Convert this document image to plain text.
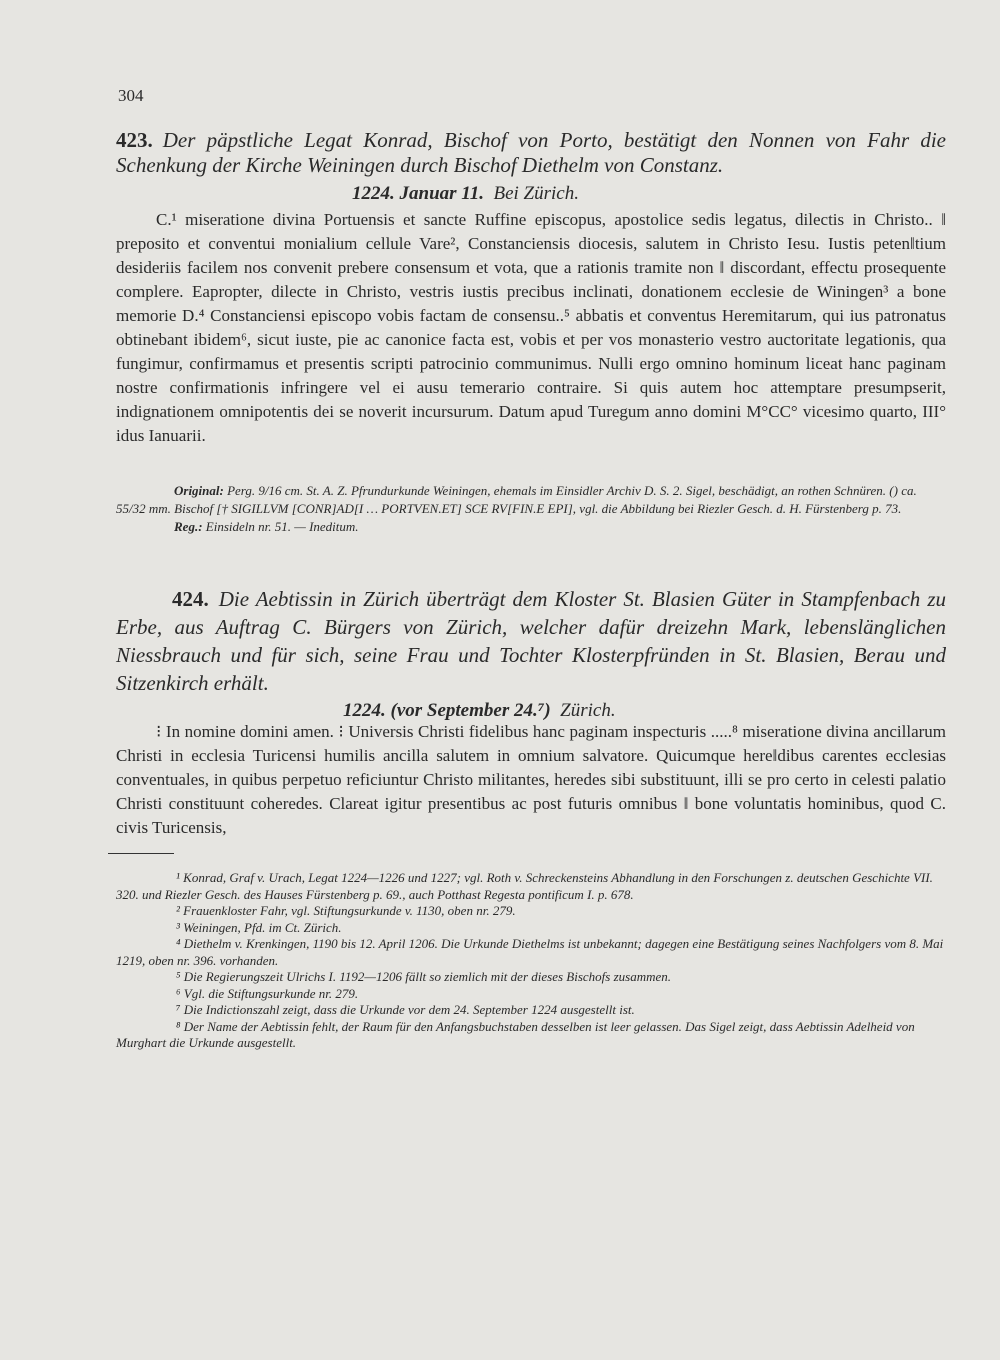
304
423. Der päpstliche Legat Konrad, Bischof von Porto, bestätigt den Nonnen von Fahr die Schenkung der Kirche Weiningen durch Bischof Diethelm von Constanz.
1224. Januar 11. Bei Zürich.

C.¹ miseratione divina Portuensis et sancte Ruffine episcopus, apostolice sedis legatus, dilectis in Christo.. ‖ preposito et conventui monialium cellule Vare², Constanciensis diocesis, salutem in Christo Iesu. Iustis peten‖tium desideriis facilem nos convenit prebere consensum et vota, que a rationis tramite non ‖ discordant, effectu prosequente complere. Eapropter, dilecte in Christo, vestris iustis precibus inclinati, donationem ecclesie de Winingen³ a bone memorie D.⁴ Constanciensi episcopo vobis factam de consensu..⁵ abbatis et conventus Heremitarum, qui ius patronatus obtinebant ibidem⁶, sicut iuste, pie ac canonice facta est, vobis et per vos monasterio vestro auctoritate legationis, qua fungimur, confirmamus et presentis scripti patrocinio communimus. Nulli ergo omnino hominum liceat hanc paginam nostre confirmationis infringere vel ei ausu temerario contraire. Si quis autem hoc attemptare presumpserit, indignationem omnipotentis dei se noverit incursurum. Datum apud Turegum anno domini M°CC° vicesimo quarto, III° idus Ianuarii.

Original: Perg. 9/16 cm. St. A. Z. Pfrundurkunde Weiningen, ehemals im Einsidler Archiv D. S. 2. Sigel, beschädigt, an rothen Schnüren. () ca. 55/32 mm. Bischof [† SIGILLVM [CONR]AD[I … PORTVEN.ET] SCE RV[FIN.E EPI], vgl. die Abbildung bei Riezler Gesch. d. H. Fürstenberg p. 73.

Reg.: Einsideln nr. 51. — Ineditum.

424. Die Aebtissin in Zürich überträgt dem Kloster St. Blasien Güter in Stampfenbach zu Erbe, aus Auftrag C. Bürgers von Zürich, welcher dafür dreizehn Mark, lebenslänglichen Niessbrauch und für sich, seine Frau und Tochter Klosterpfründen in St. Blasien, Berau und Sitzenkirch erhält.
1224. (vor September 24.⁷) Zürich.

⁝ In nomine domini amen. ⁝ Universis Christi fidelibus hanc paginam inspecturis .....⁸ miseratione divina ancillarum Christi in ecclesia Turicensi humilis ancilla salutem in omnium salvatore. Quicumque here‖dibus carentes ecclesias conventuales, in quibus perpetuo reficiuntur Christo militantes, heredes sibi substituunt, illi se pro certo in celesti palatio Christi constituunt coheredes. Clareat igitur presentibus ac post futuris omnibus ‖ bone voluntatis hominibus, quod C. civis Turicensis,

¹ Konrad, Graf v. Urach, Legat 1224—1226 und 1227; vgl. Roth v. Schreckensteins Abhandlung in den Forschungen z. deutschen Geschichte VII. 320. und Riezler Gesch. des Hauses Fürstenberg p. 69., auch Potthast Regesta pontificum I. p. 678.

² Frauenkloster Fahr, vgl. Stiftungsurkunde v. 1130, oben nr. 279.

³ Weiningen, Pfd. im Ct. Zürich.

⁴ Diethelm v. Krenkingen, 1190 bis 12. April 1206. Die Urkunde Diethelms ist unbekannt; dagegen eine Bestätigung seines Nachfolgers vom 8. Mai 1219, oben nr. 396. vorhanden.

⁵ Die Regierungszeit Ulrichs I. 1192—1206 fällt so ziemlich mit der dieses Bischofs zusammen.

⁶ Vgl. die Stiftungsurkunde nr. 279.

⁷ Die Indictionszahl zeigt, dass die Urkunde vor dem 24. September 1224 ausgestellt ist.

⁸ Der Name der Aebtissin fehlt, der Raum für den Anfangsbuchstaben desselben ist leer gelassen. Das Sigel zeigt, dass Aebtissin Adelheid von Murghart die Urkunde ausgestellt.
